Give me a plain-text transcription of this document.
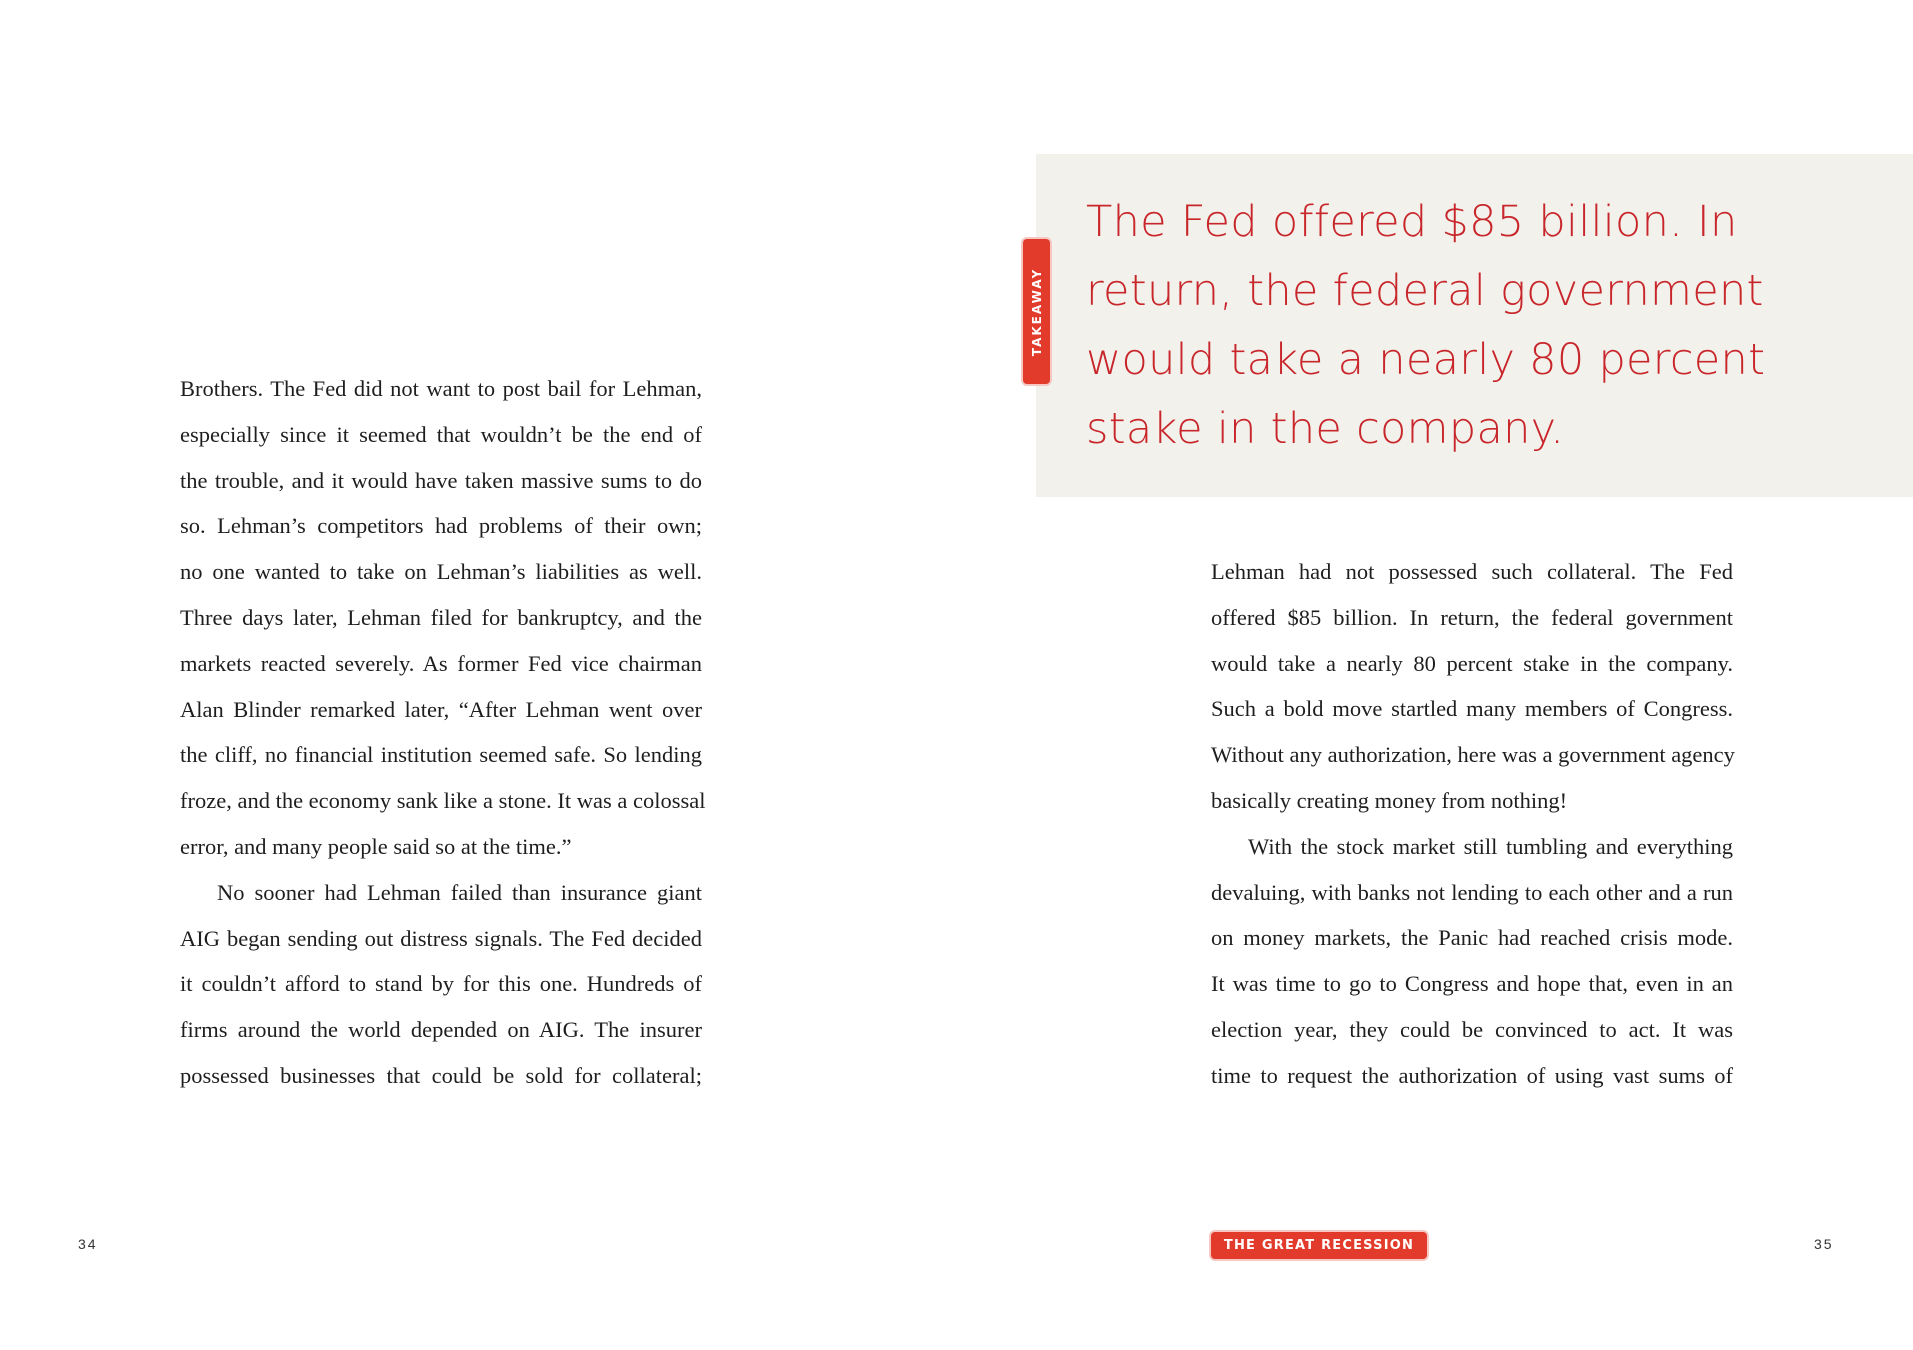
Brothers. The Fed did not want to post bail for Lehman,
especially since it seemed that wouldn’t be the end of
the trouble, and it would have taken massive sums to do
so. Lehman’s competitors had problems of their own;
no one wanted to take on Lehman’s liabilities as well.
Three days later, Lehman filed for bankruptcy, and the
markets reacted severely. As former Fed vice chairman
Alan Blinder remarked later, “After Lehman went over
the cliff, no financial institution seemed safe. So lending
froze, and the economy sank like a stone. It was a colossal
error, and many people said so at the time.”
No sooner had Lehman failed than insurance giant
AIG began sending out distress signals. The Fed decided
it couldn’t afford to stand by for this one. Hundreds of
firms around the world depended on AIG. The insurer
possessed businesses that could be sold for collateral;
34
The Fed offered $85 billion. In
return, the federal government
would take a nearly 80 percent
stake in the company.
TAKEAWAY
Lehman had not possessed such collateral. The Fed
offered $85 billion. In return, the federal government
would take a nearly 80 percent stake in the company.
Such a bold move startled many members of Congress.
Without any authorization, here was a government agency
basically creating money from nothing!
With the stock market still tumbling and everything
devaluing, with banks not lending to each other and a run
on money markets, the Panic had reached crisis mode.
It was time to go to Congress and hope that, even in an
election year, they could be convinced to act. It was
time to request the authorization of using vast sums of
THE GREAT RECESSION	35
